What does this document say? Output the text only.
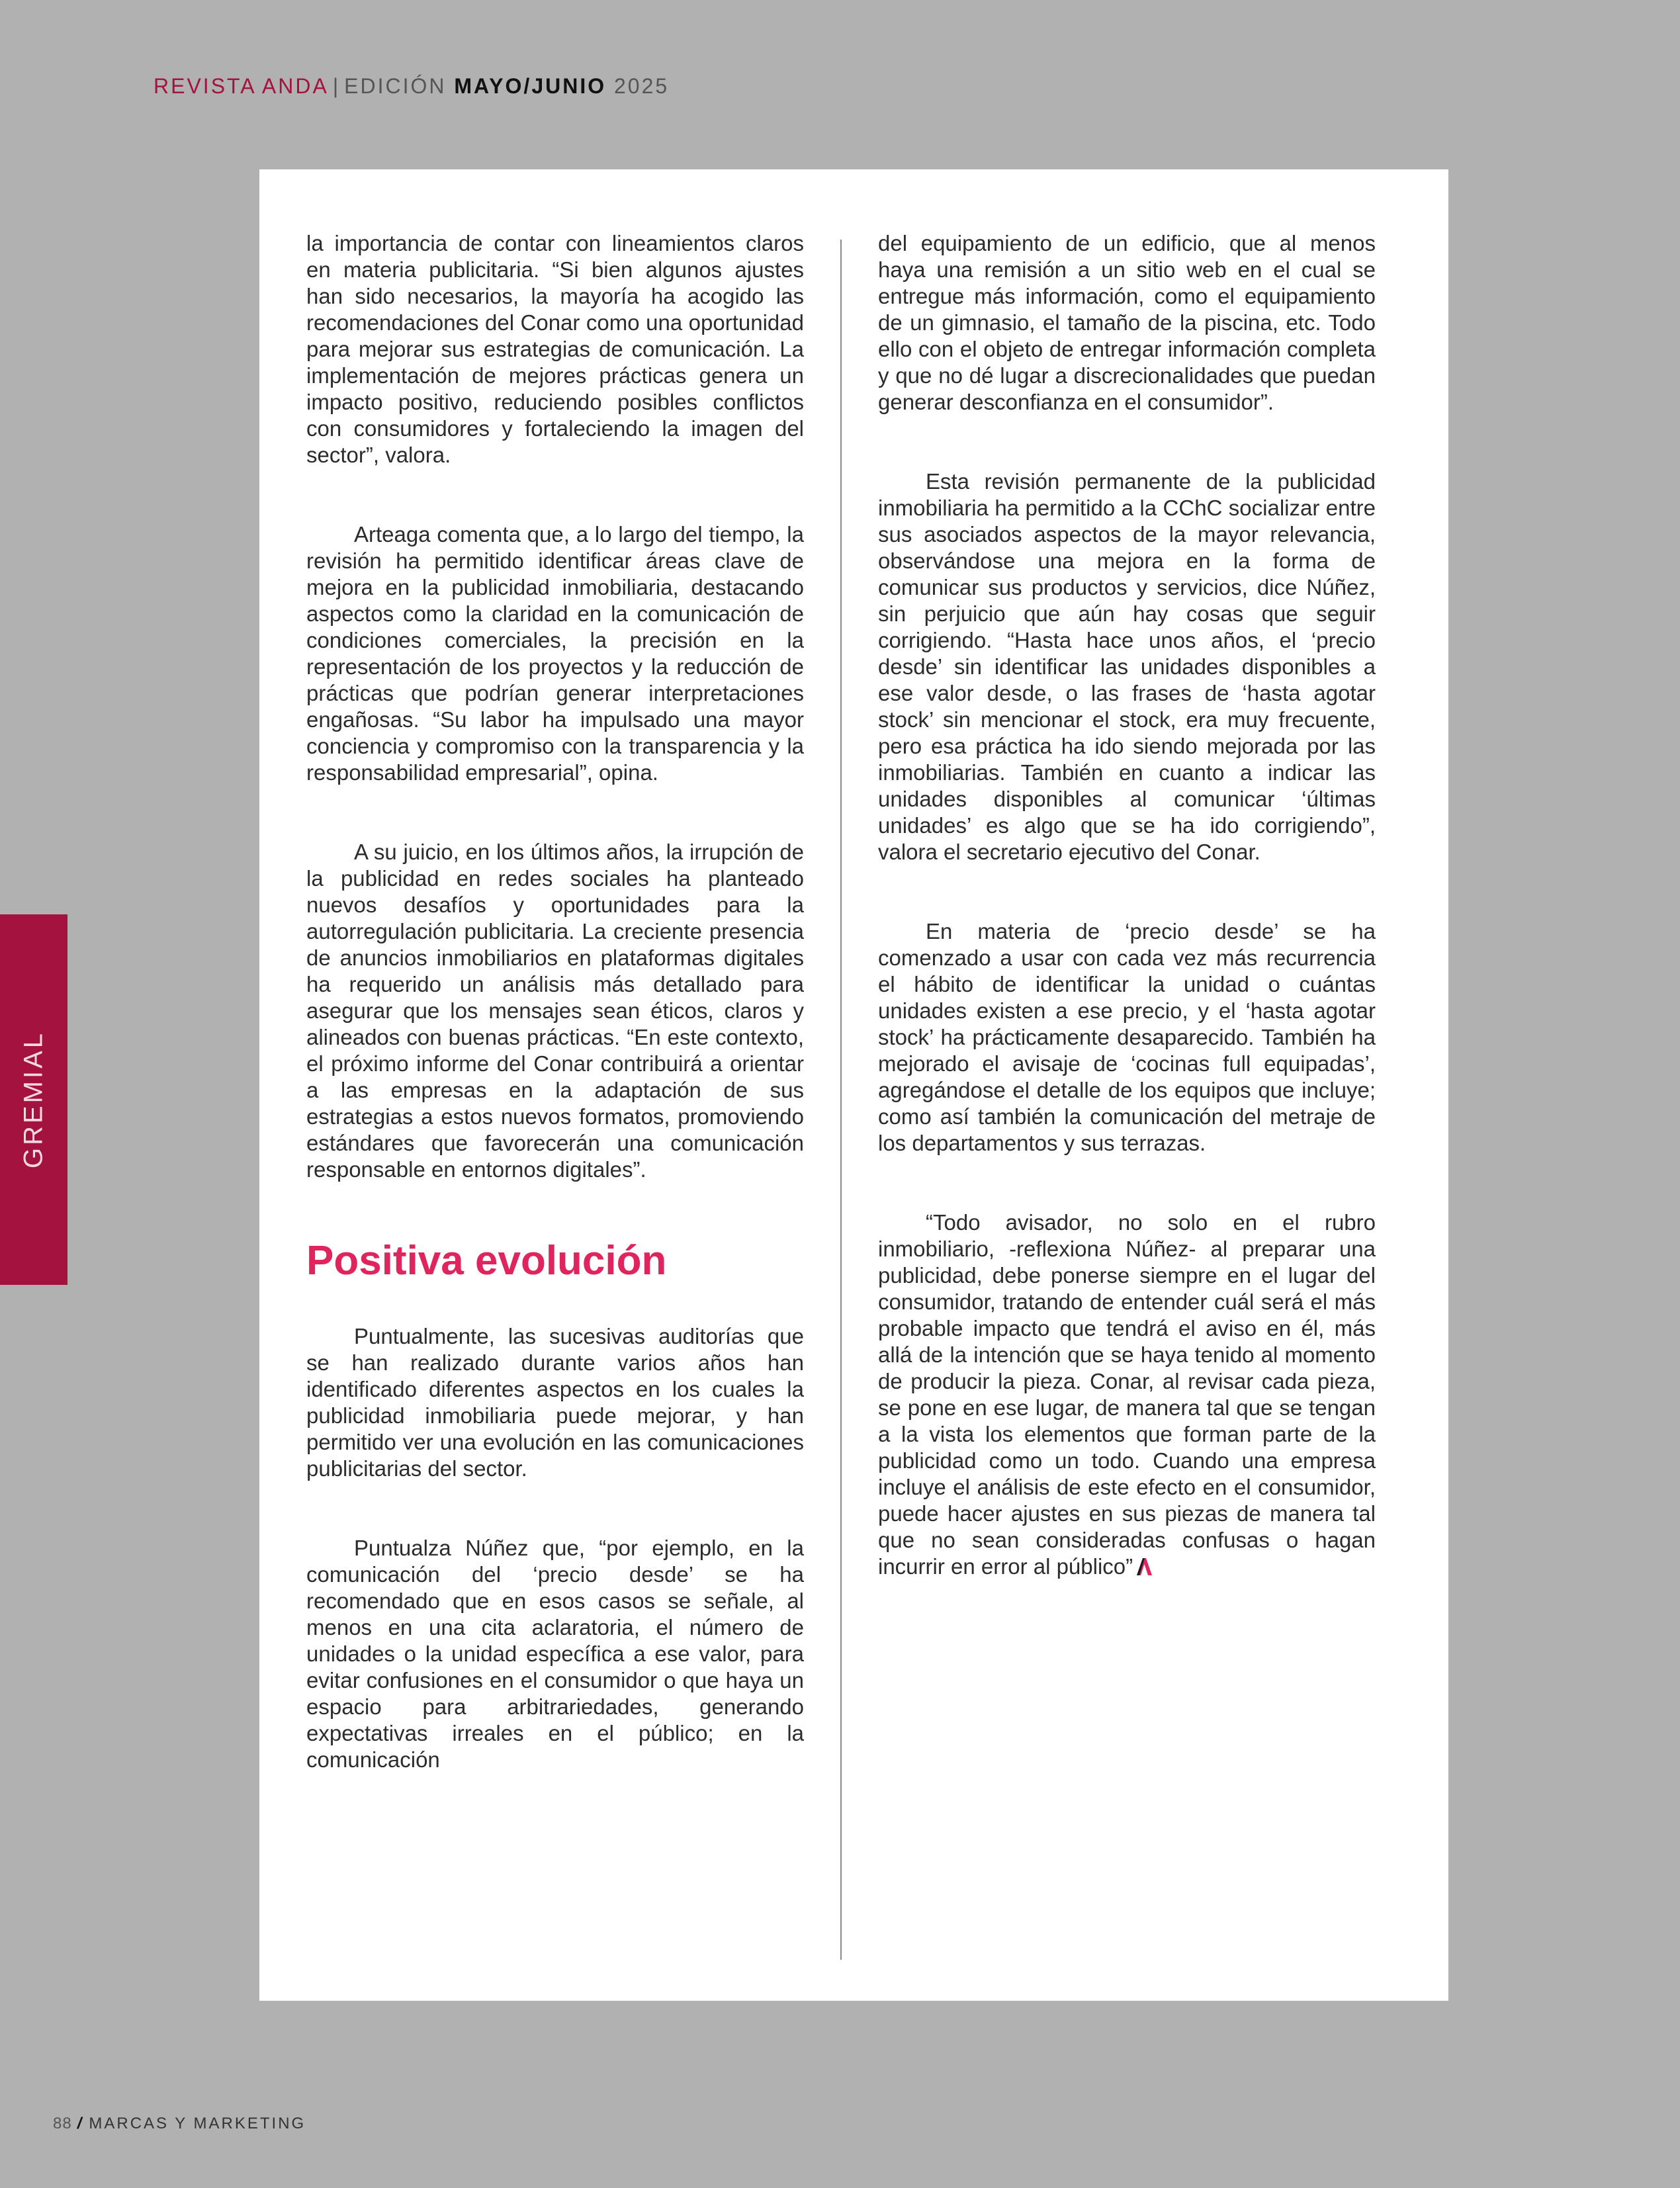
REVISTA ANDA | EDICIÓN MAYO/JUNIO 2025
GREMIAL

la importancia de contar con lineamientos claros en materia publicitaria. “Si bien algunos ajustes han sido necesarios, la mayoría ha acogido las recomendaciones del Conar como una oportunidad para mejorar sus estrategias de comunicación. La implementación de mejores prácticas genera un impacto positivo, reduciendo posibles conflictos con consumidores y fortaleciendo la imagen del sector”, valora.

Arteaga comenta que, a lo largo del tiempo, la revisión ha permitido identificar áreas clave de mejora en la publicidad inmobiliaria, destacando aspectos como la claridad en la comunicación de condiciones comerciales, la precisión en la representación de los proyectos y la reducción de prácticas que podrían generar interpretaciones engañosas. “Su labor ha impulsado una mayor conciencia y compromiso con la transparencia y la responsabilidad empresarial”, opina.

A su juicio, en los últimos años, la irrupción de la publicidad en redes sociales ha planteado nuevos desafíos y oportunidades para la autorregulación publicitaria. La creciente presencia de anuncios inmobiliarios en plataformas digitales ha requerido un análisis más detallado para asegurar que los mensajes sean éticos, claros y alineados con buenas prácticas. “En este contexto, el próximo informe del Conar contribuirá a orientar a las empresas en la adaptación de sus estrategias a estos nuevos formatos, promoviendo estándares que favorecerán una comunicación responsable en entornos digitales”.

Positiva evolución

Puntualmente, las sucesivas auditorías que se han realizado durante varios años han identificado diferentes aspectos en los cuales la publicidad inmobiliaria puede mejorar, y han permitido ver una evolución en las comunicaciones publicitarias del sector.

Puntualza Núñez que, “por ejemplo, en la comunicación del ‘precio desde’ se ha recomendado que en esos casos se señale, al menos en una cita aclaratoria, el número de unidades o la unidad específica a ese valor, para evitar confusiones en el consumidor o que haya un espacio para arbitrariedades, generando expectativas irreales en el público; en la comunicación

del equipamiento de un edificio, que al menos haya una remisión a un sitio web en el cual se entregue más información, como el equipamiento de un gimnasio, el tamaño de la piscina, etc. Todo ello con el objeto de entregar información completa y que no dé lugar a discrecionalidades que puedan generar desconfianza en el consumidor”.

Esta revisión permanente de la publicidad inmobiliaria ha permitido a la CChC socializar entre sus asociados aspectos de la mayor relevancia, observándose una mejora en la forma de comunicar sus productos y servicios, dice Núñez, sin perjuicio que aún hay cosas que seguir corrigiendo. “Hasta hace unos años, el ‘precio desde’ sin identificar las unidades disponibles a ese valor desde, o las frases de ‘hasta agotar stock’ sin mencionar el stock, era muy frecuente, pero esa práctica ha ido siendo mejorada por las inmobiliarias. También en cuanto a indicar las unidades disponibles al comunicar ‘últimas unidades’ es algo que se ha ido corrigiendo”, valora el secretario ejecutivo del Conar.

En materia de ‘precio desde’ se ha comenzado a usar con cada vez más recurrencia el hábito de identificar la unidad o cuántas unidades existen a ese precio, y el ‘hasta agotar stock’ ha prácticamente desaparecido. También ha mejorado el avisaje de ‘cocinas full equipadas’, agregándose el detalle de los equipos que incluye; como así también la comunicación del metraje de los departamentos y sus terrazas.

“Todo avisador, no solo en el rubro inmobiliario, -reflexiona Núñez- al preparar una publicidad, debe ponerse siempre en el lugar del consumidor, tratando de entender cuál será el más probable impacto que tendrá el aviso en él, más allá de la intención que se haya tenido al momento de producir la pieza. Conar, al revisar cada pieza, se pone en ese lugar, de manera tal que se tengan a la vista los elementos que forman parte de la publicidad como un todo. Cuando una empresa incluye el análisis de este efecto en el consumidor, puede hacer ajustes en sus piezas de manera tal que no sean consideradas confusas o hagan incurrir en error al público”

88 / MARCAS Y MARKETING
